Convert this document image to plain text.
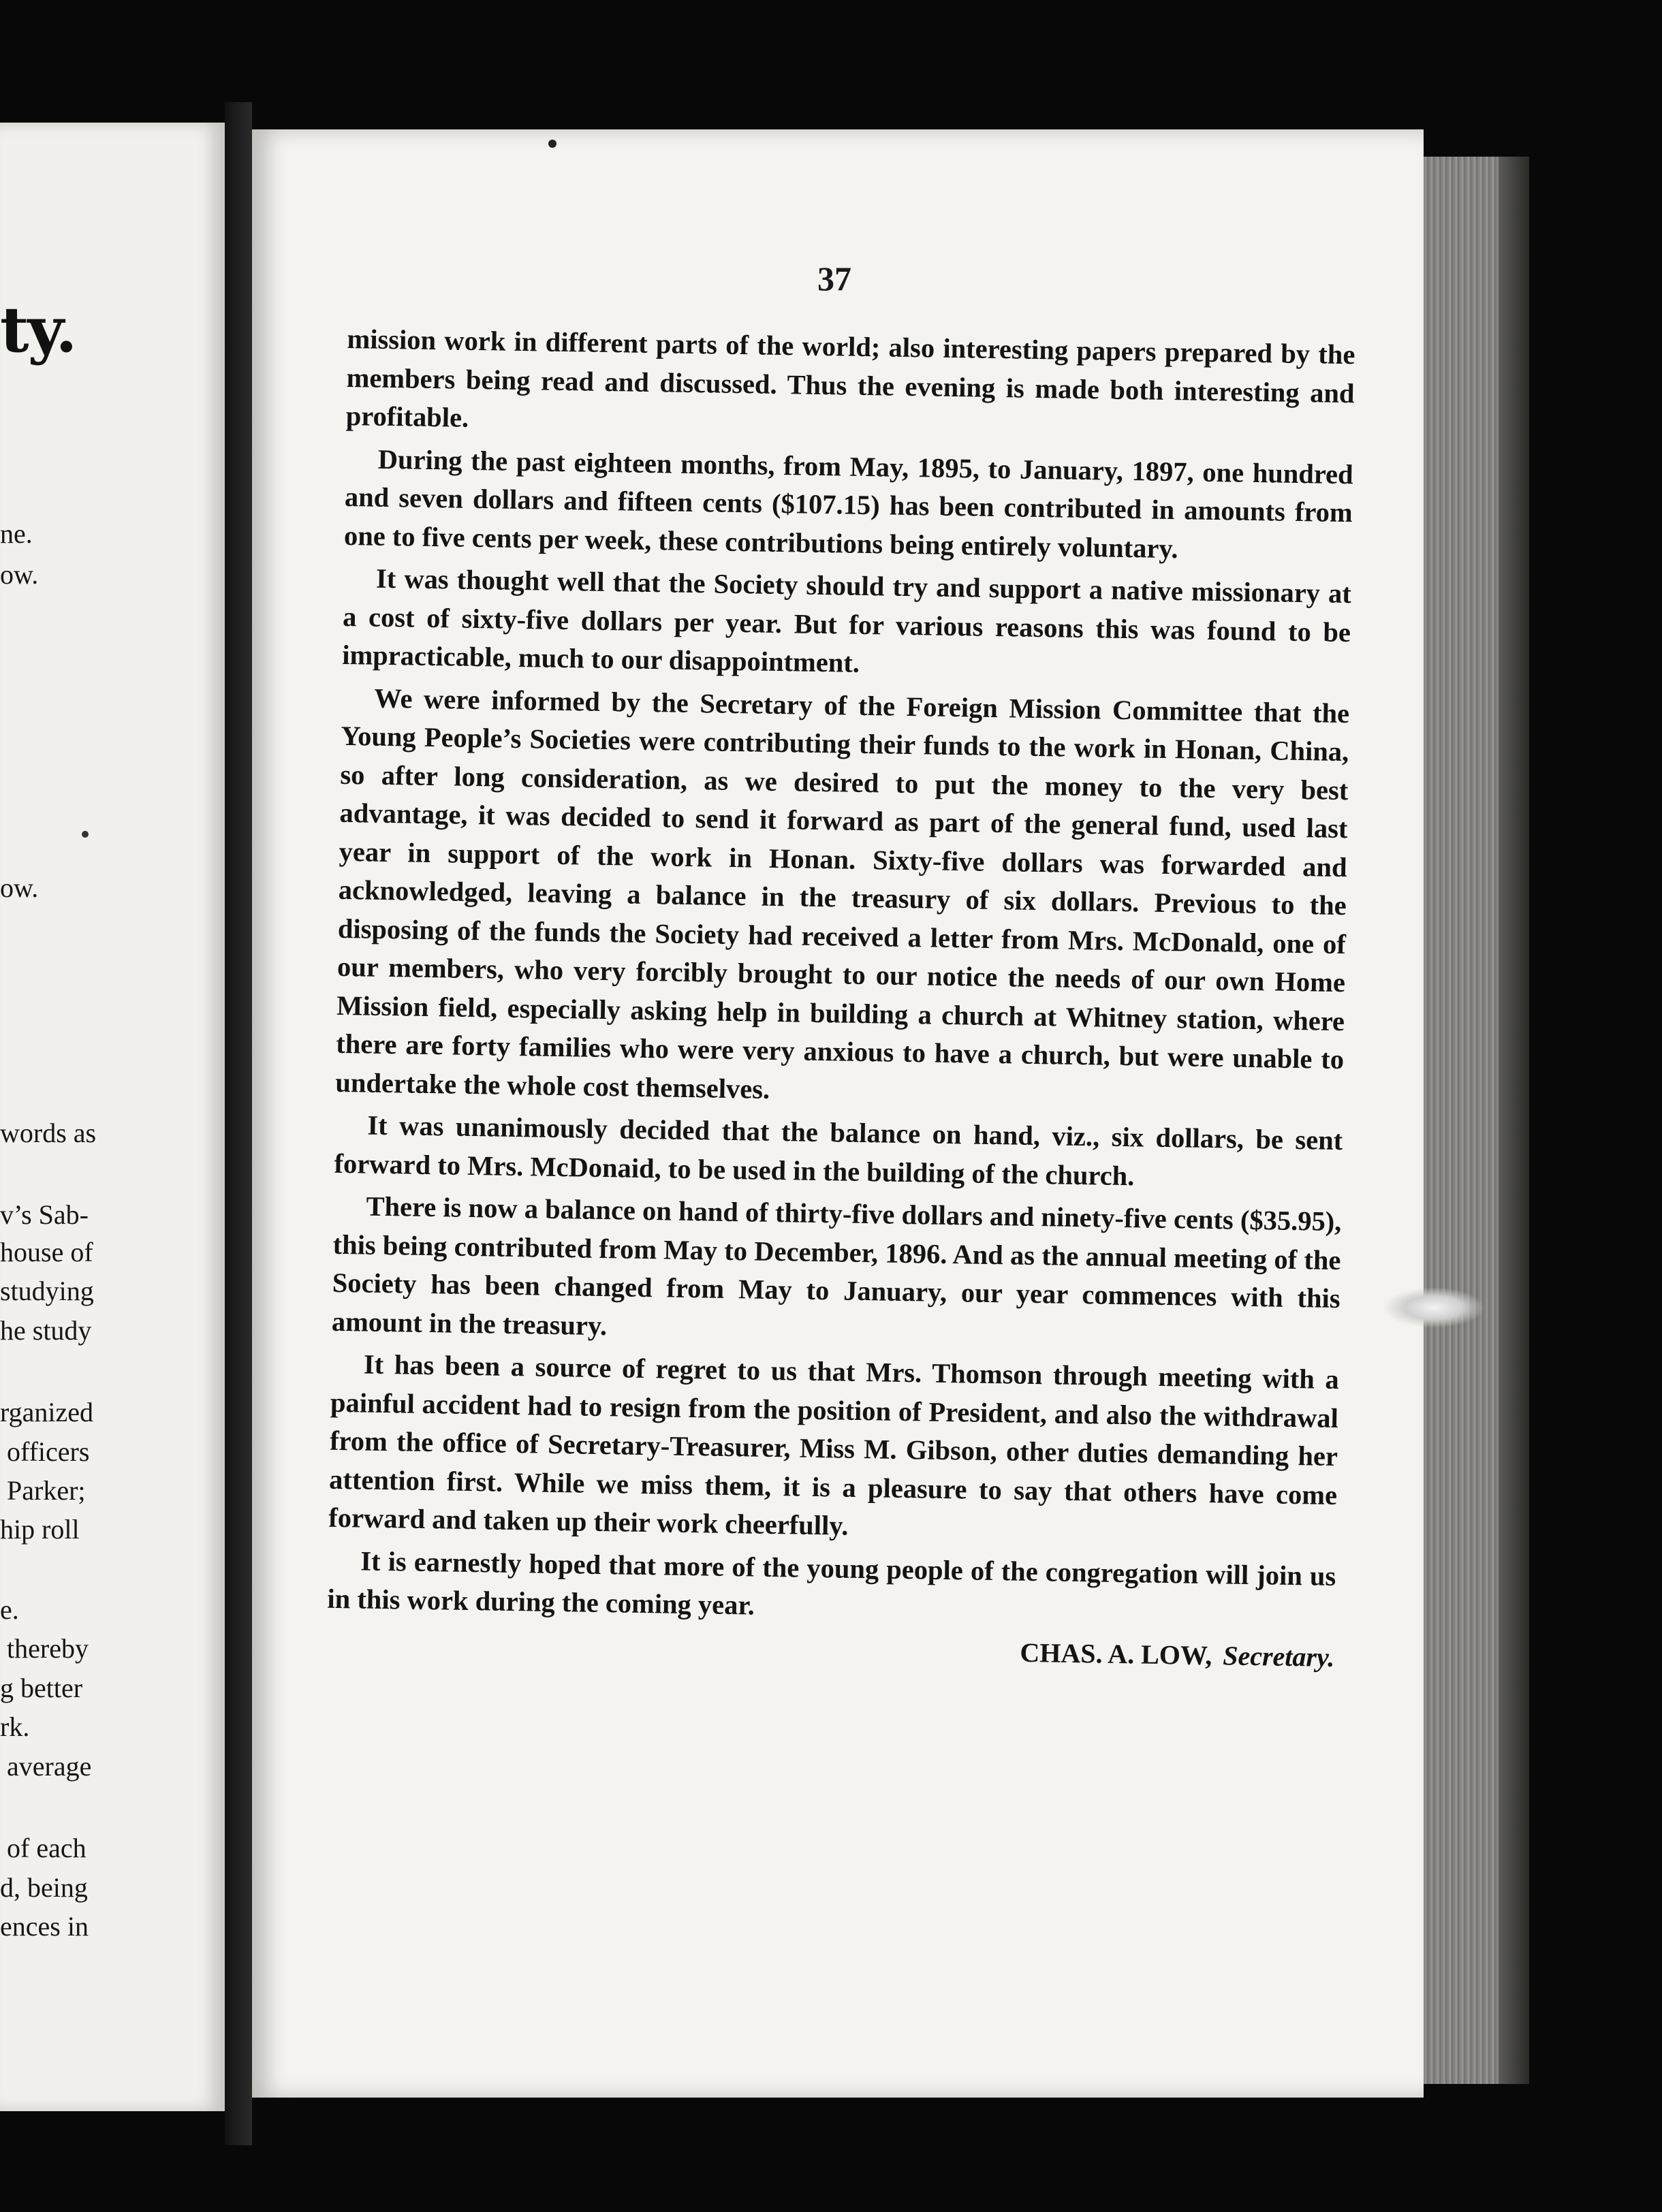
ty.
ne.
ow.
ow.
words as
v’s Sab-
house of
studying
he study
rganized
officers
Parker;
hip roll
e.
thereby
g better
rk.
average
of each
d, being
ences in
37

mission work in different parts of the world; also interesting papers prepared by the members being read and discussed. Thus the evening is made both interesting and profitable.

During the past eighteen months, from May, 1895, to January, 1897, one hundred and seven dollars and fifteen cents ($107.15) has been contributed in amounts from one to five cents per week, these contributions being entirely voluntary.

It was thought well that the Society should try and support a native missionary at a cost of sixty-five dollars per year. But for various reasons this was found to be impracticable, much to our disappointment.

We were informed by the Secretary of the Foreign Mission Committee that the Young People’s Societies were contributing their funds to the work in Honan, China, so after long consideration, as we desired to put the money to the very best advantage, it was decided to send it forward as part of the general fund, used last year in support of the work in Honan. Sixty-five dollars was forwarded and acknowledged, leaving a balance in the treasury of six dollars. Previous to the disposing of the funds the Society had received a letter from Mrs. McDonald, one of our members, who very forcibly brought to our notice the needs of our own Home Mission field, especially asking help in building a church at Whitney station, where there are forty families who were very anxious to have a church, but were unable to undertake the whole cost themselves.

It was unanimously decided that the balance on hand, viz., six dollars, be sent forward to Mrs. McDonaid, to be used in the building of the church.

There is now a balance on hand of thirty-five dollars and ninety-five cents ($35.95), this being contributed from May to December, 1896. And as the annual meeting of the Society has been changed from May to January, our year commences with this amount in the treasury.

It has been a source of regret to us that Mrs. Thomson through meeting with a painful accident had to resign from the position of President, and also the withdrawal from the office of Secretary-Treasurer, Miss M. Gibson, other duties demanding her attention first. While we miss them, it is a pleasure to say that others have come forward and taken up their work cheerfully.

It is earnestly hoped that more of the young people of the congregation will join us in this work during the coming year.

CHAS. A. LOW, Secretary.
